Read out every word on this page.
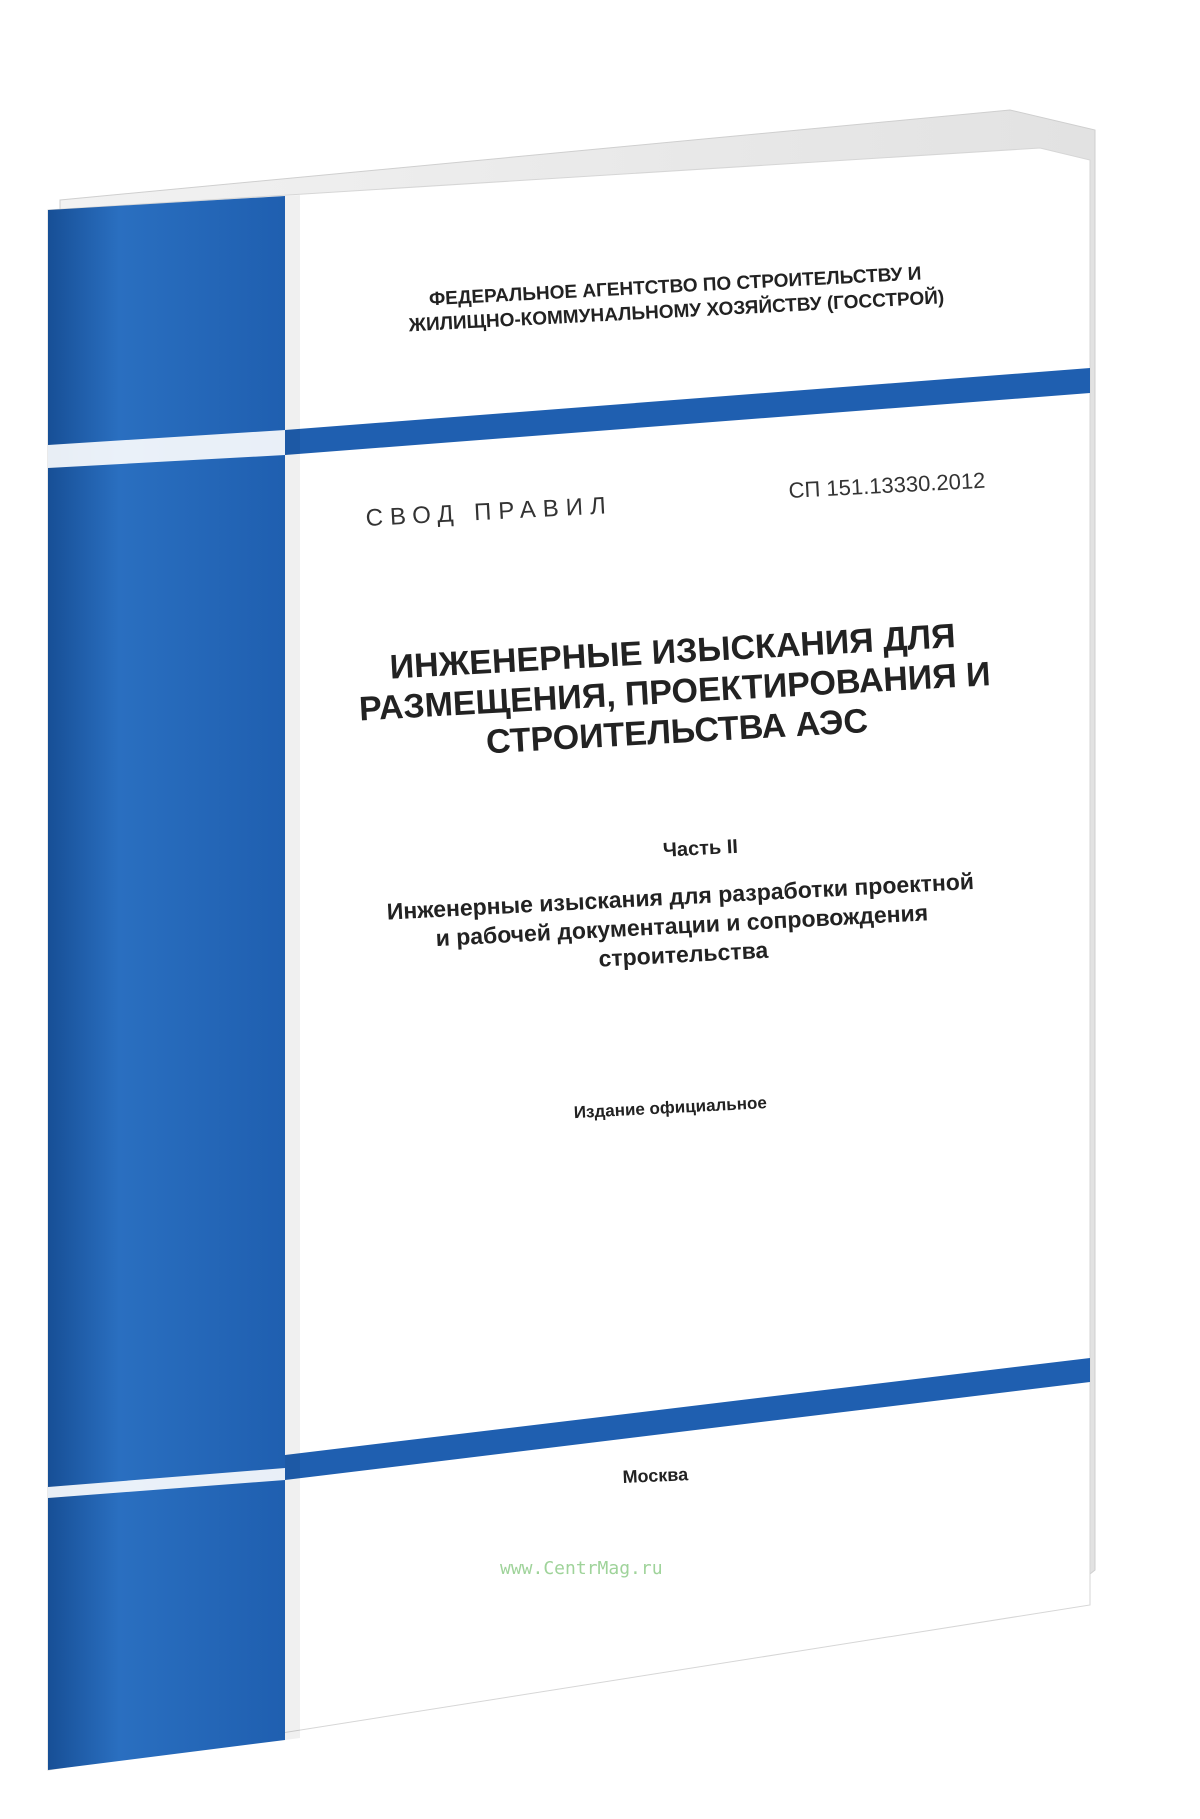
ФЕДЕРАЛЬНОЕ АГЕНТСТВО ПО СТРОИТЕЛЬСТВУ И ЖИЛИЩНО-КОММУНАЛЬНОМУ ХОЗЯЙСТВУ (ГОССТРОЙ)
СВОД ПРАВИЛ
СП 151.13330.2012
ИНЖЕНЕРНЫЕ ИЗЫСКАНИЯ ДЛЯ РАЗМЕЩЕНИЯ, ПРОЕКТИРОВАНИЯ И СТРОИТЕЛЬСТВА АЭС
Часть II
Инженерные изыскания для разработки проектной и рабочей документации и сопровождения строительства
Издание официальное
Москва
www.CentrMag.ru
